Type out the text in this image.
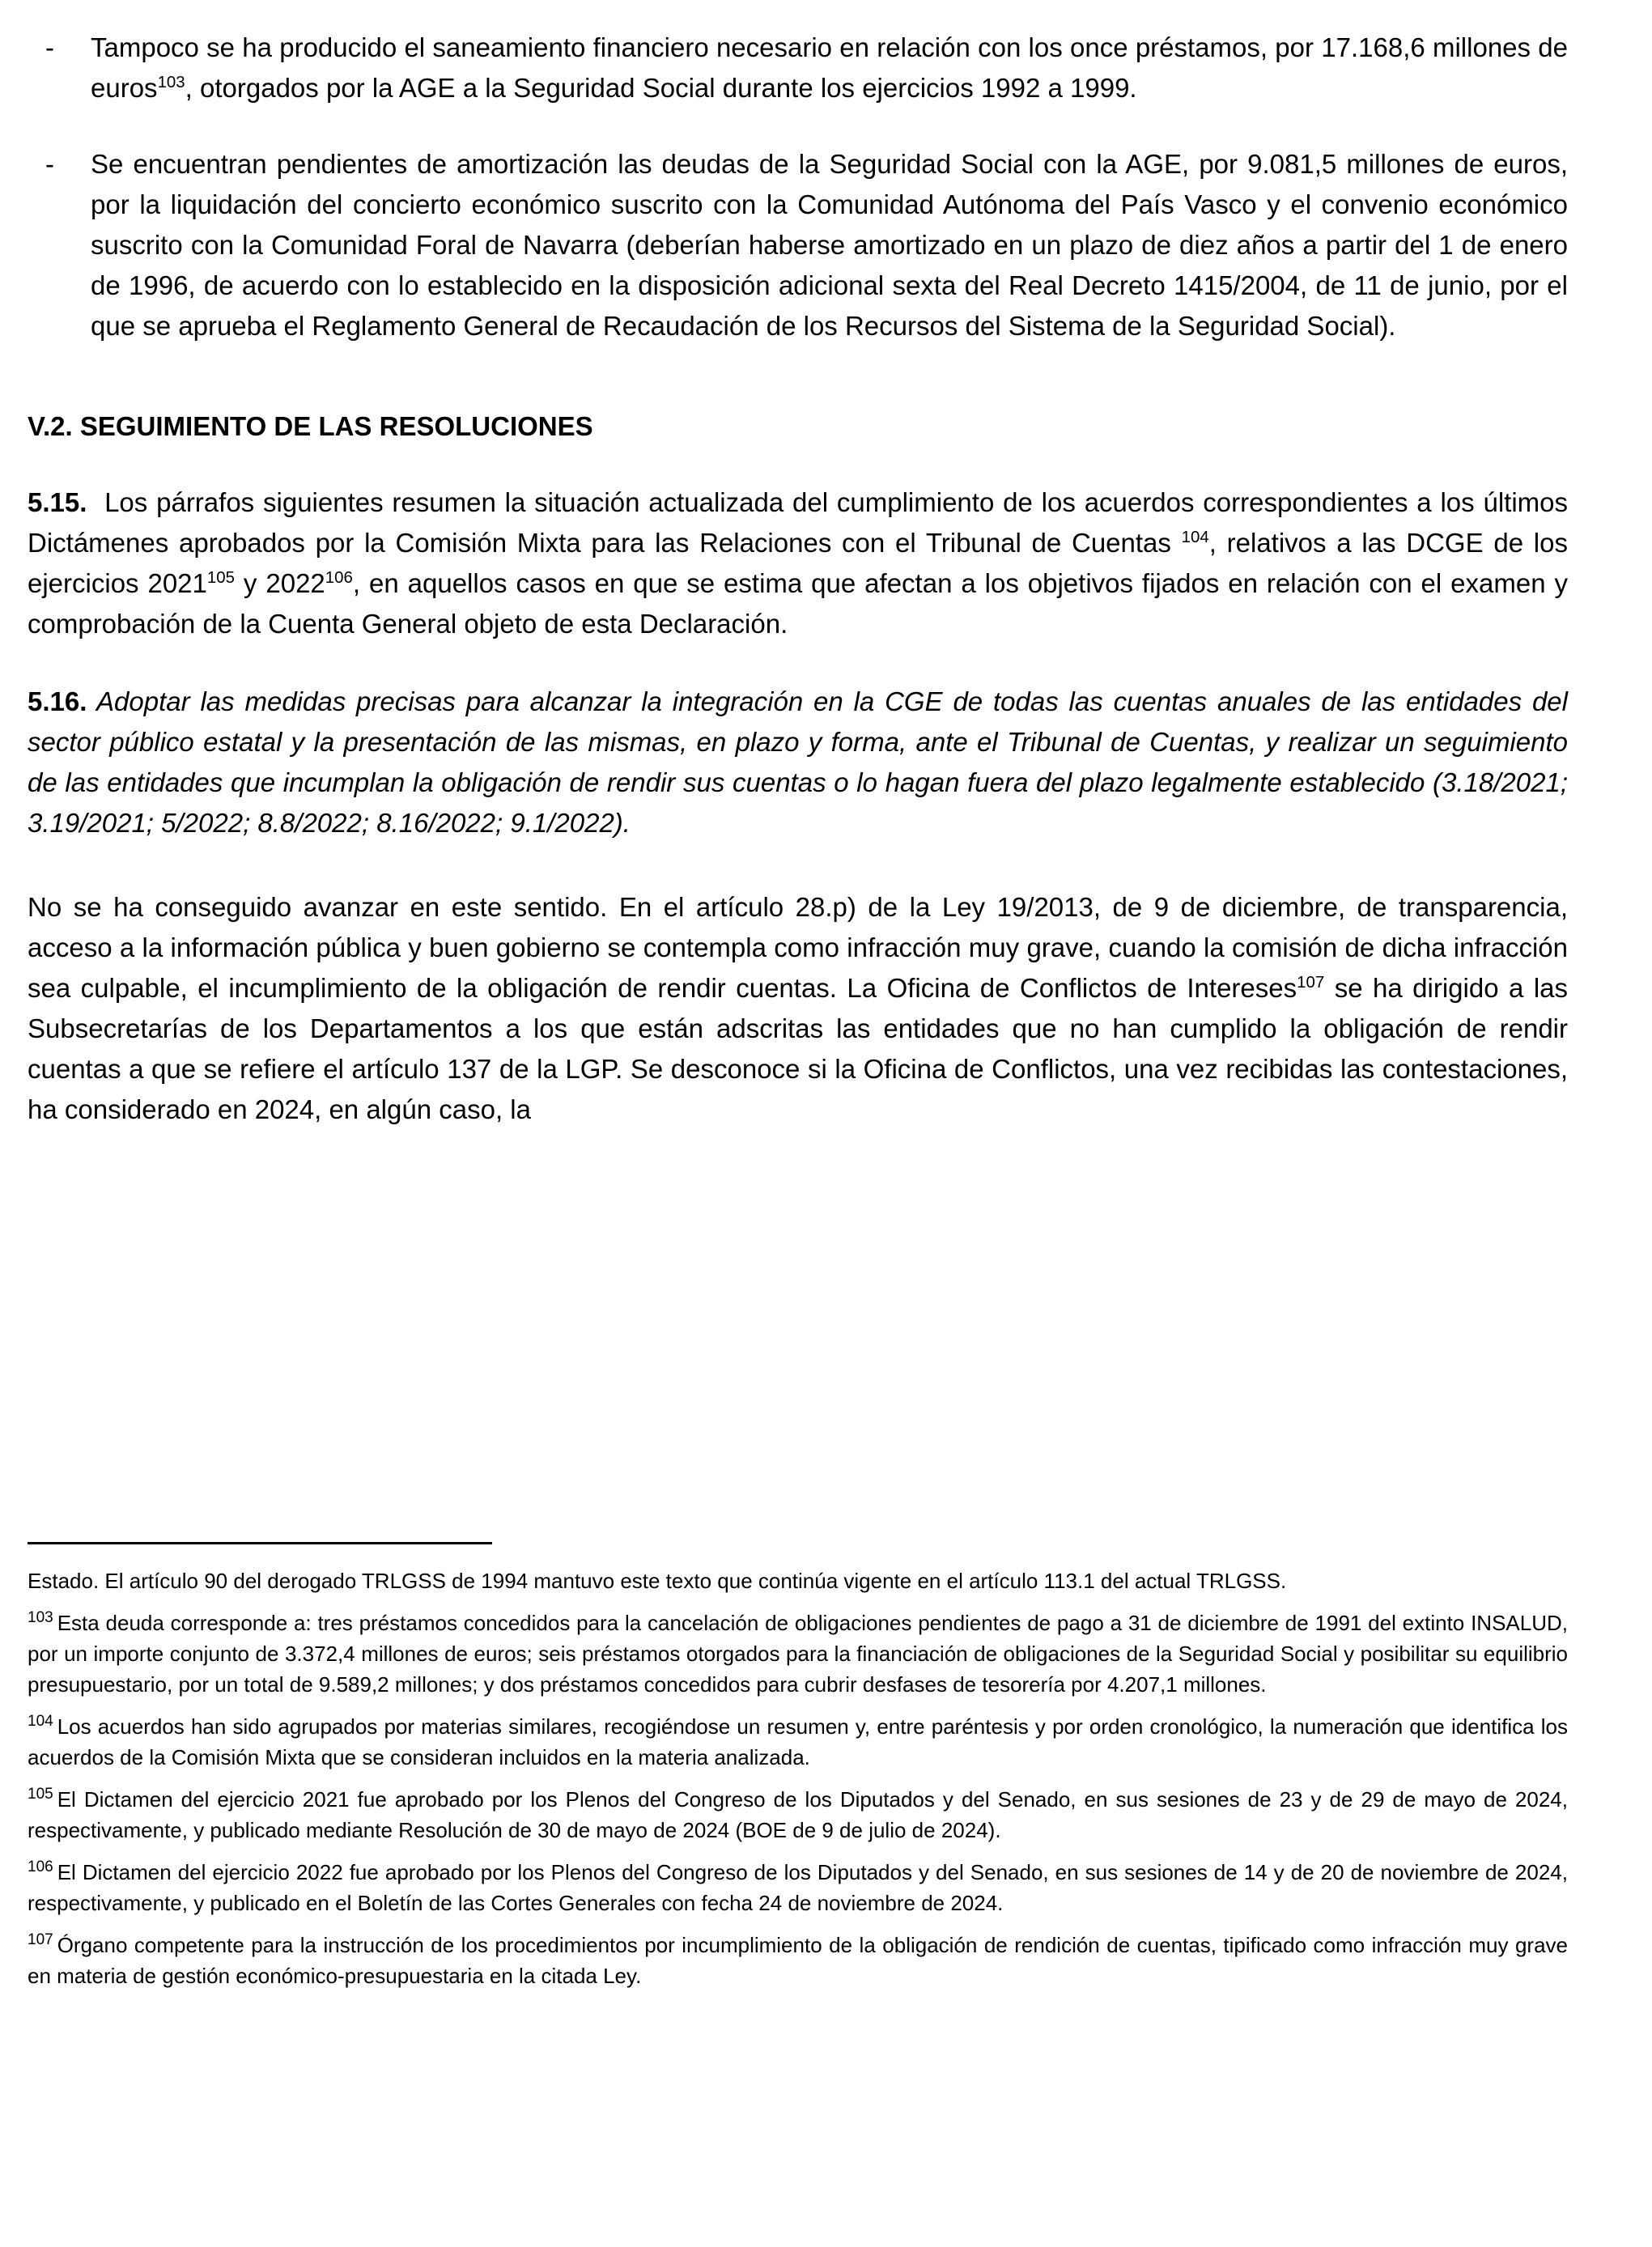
-	Tampoco se ha producido el saneamiento financiero necesario en relación con los once préstamos, por 17.168,6 millones de euros$^{103}$, otorgados por la AGE a la Seguridad Social durante los ejercicios 1992 a 1999.
-	Se encuentran pendientes de amortización las deudas de la Seguridad Social con la AGE, por 9.081,5 millones de euros, por la liquidación del concierto económico suscrito con la Comunidad Autónoma del País Vasco y el convenio económico suscrito con la Comunidad Foral de Navarra (deberían haberse amortizado en un plazo de diez años a partir del 1 de enero de 1996, de acuerdo con lo establecido en la disposición adicional sexta del Real Decreto 1415/2004, de 11 de junio, por el que se aprueba el Reglamento General de Recaudación de los Recursos del Sistema de la Seguridad Social).
V.2. SEGUIMIENTO DE LAS RESOLUCIONES

5.15. Los párrafos siguientes resumen la situación actualizada del cumplimiento de los acuerdos correspondientes a los últimos Dictámenes aprobados por la Comisión Mixta para las Relaciones con el Tribunal de Cuentas $^{104}$, relativos a las DCGE de los ejercicios 2021$^{105}$ y 2022$^{106}$, en aquellos casos en que se estima que afectan a los objetivos fijados en relación con el examen y comprobación de la Cuenta General objeto de esta Declaración.

5.16. Adoptar las medidas precisas para alcanzar la integración en la CGE de todas las cuentas anuales de las entidades del sector público estatal y la presentación de las mismas, en plazo y forma, ante el Tribunal de Cuentas, y realizar un seguimiento de las entidades que incumplan la obligación de rendir sus cuentas o lo hagan fuera del plazo legalmente establecido (3.18/2021; 3.19/2021; 5/2022; 8.8/2022; 8.16/2022; 9.1/2022).

No se ha conseguido avanzar en este sentido. En el artículo 28.p) de la Ley 19/2013, de 9 de diciembre, de transparencia, acceso a la información pública y buen gobierno se contempla como infracción muy grave, cuando la comisión de dicha infracción sea culpable, el incumplimiento de la obligación de rendir cuentas. La Oficina de Conflictos de Intereses$^{107}$ se ha dirigido a las Subsecretarías de los Departamentos a los que están adscritas las entidades que no han cumplido la obligación de rendir cuentas a que se refiere el artículo 137 de la LGP. Se desconoce si la Oficina de Conflictos, una vez recibidas las contestaciones, ha considerado en 2024, en algún caso, la

Estado. El artículo 90 del derogado TRLGSS de 1994 mantuvo este texto que continúa vigente en el artículo 113.1 del actual TRLGSS.

$^{103}$ Esta deuda corresponde a: tres préstamos concedidos para la cancelación de obligaciones pendientes de pago a 31 de diciembre de 1991 del extinto INSALUD, por un importe conjunto de 3.372,4 millones de euros; seis préstamos otorgados para la financiación de obligaciones de la Seguridad Social y posibilitar su equilibrio presupuestario, por un total de 9.589,2 millones; y dos préstamos concedidos para cubrir desfases de tesorería por 4.207,1 millones.

$^{104}$ Los acuerdos han sido agrupados por materias similares, recogiéndose un resumen y, entre paréntesis y por orden cronológico, la numeración que identifica los acuerdos de la Comisión Mixta que se consideran incluidos en la materia analizada.

$^{105}$ El Dictamen del ejercicio 2021 fue aprobado por los Plenos del Congreso de los Diputados y del Senado, en sus sesiones de 23 y de 29 de mayo de 2024, respectivamente, y publicado mediante Resolución de 30 de mayo de 2024 (BOE de 9 de julio de 2024).

$^{106}$ El Dictamen del ejercicio 2022 fue aprobado por los Plenos del Congreso de los Diputados y del Senado, en sus sesiones de 14 y de 20 de noviembre de 2024, respectivamente, y publicado en el Boletín de las Cortes Generales con fecha 24 de noviembre de 2024.

$^{107}$ Órgano competente para la instrucción de los procedimientos por incumplimiento de la obligación de rendición de cuentas, tipificado como infracción muy grave en materia de gestión económico-presupuestaria en la citada Ley.
